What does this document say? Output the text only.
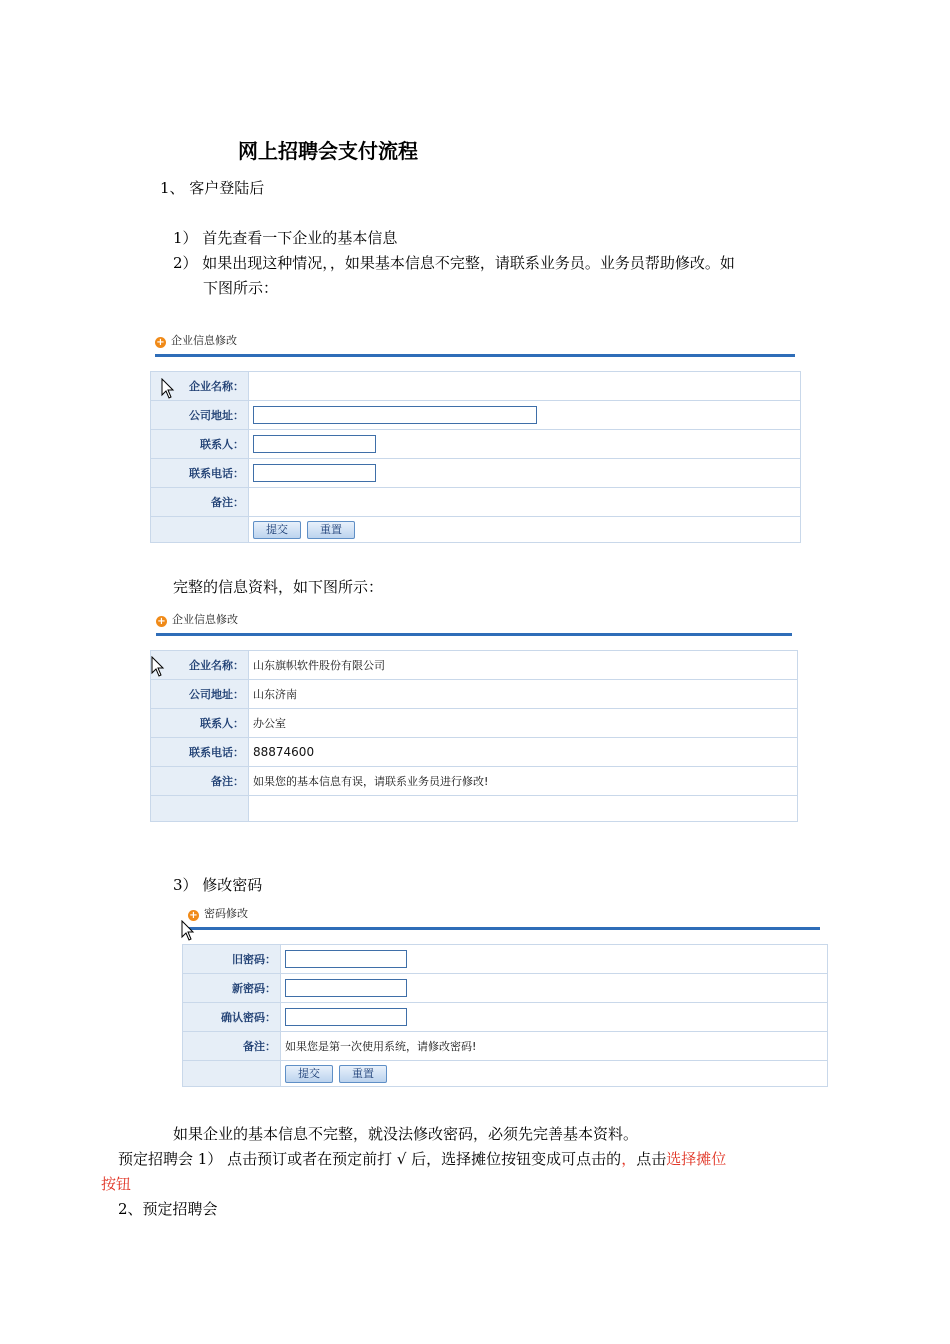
网上招聘会支付流程
1、 客户登陆后
1） 首先查看一下企业的基本信息
2） 如果出现这种情况，，如果基本信息不完整，请联系业务员。业务员帮助修改。如
下图所示：
+ 企业信息修改
企业名称：	
公司地址：	
联系人：	
联系电话：	
备注：	
	提交 重置
完整的信息资料，如下图所示：
+ 企业信息修改
企业名称：	山东旗帜软件股份有限公司
公司地址：	山东济南
联系人：	办公室
联系电话：	88874600
备注：	如果您的基本信息有误，请联系业务员进行修改!

3） 修改密码
+ 密码修改
旧密码：	
新密码：	
确认密码：	
备注：	如果您是第一次使用系统，请修改密码!
	提交 重置
如果企业的基本信息不完整，就没法修改密码，必须先完善基本资料。
预定招聘会 1） 点击预订或者在预定前打 √ 后，选择摊位按钮变成可点击的，点击选择摊位
按钮
2、预定招聘会
